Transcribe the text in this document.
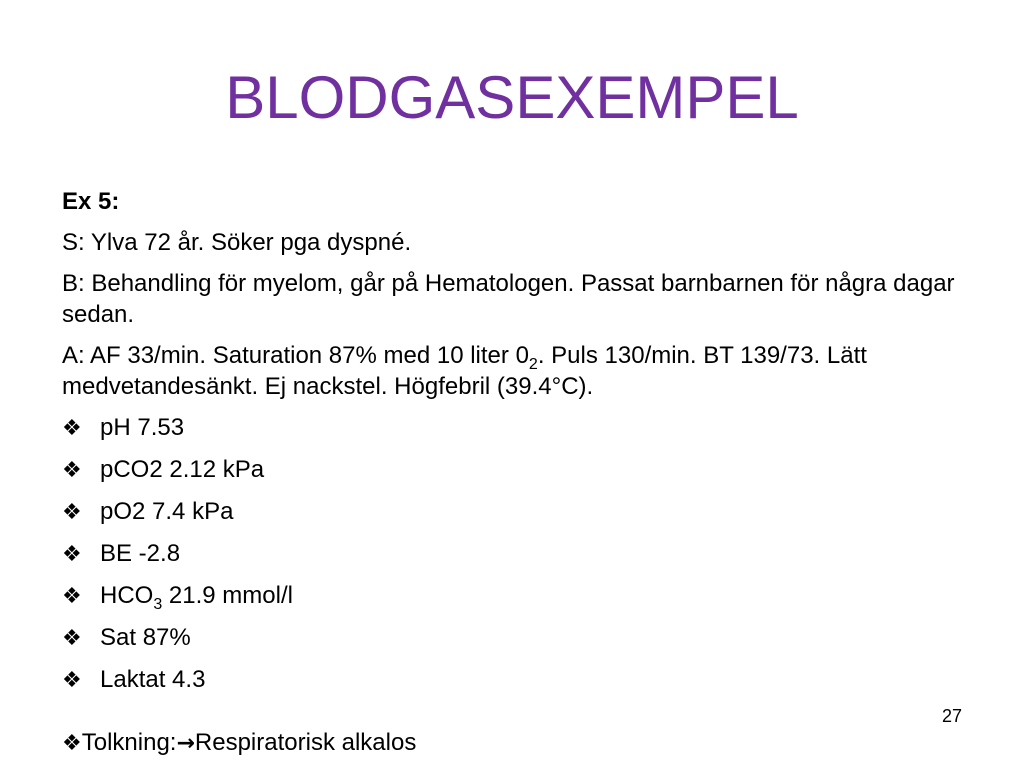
BLODGASEXEMPEL

Ex 5:

S: Ylva 72 år. Söker pga dyspné.

B: Behandling för myelom, går på Hematologen. Passat barnbarnen för några dagar sedan.

A: AF 33/min. Saturation 87% med 10 liter $0_2$. Puls 130/min. BT 139/73. Lätt medvetandesänkt. Ej nackstel. Högfebril (39.4°C).

❖ pH 7.53
❖ pCO2 2.12 kPa
❖ pO2 7.4 kPa
❖ BE -2.8
❖ $HCO_3$ 21.9 mmol/l
❖ Sat 87%
❖ Laktat 4.3
27
❖Tolkning:→Respiratorisk alkalos
